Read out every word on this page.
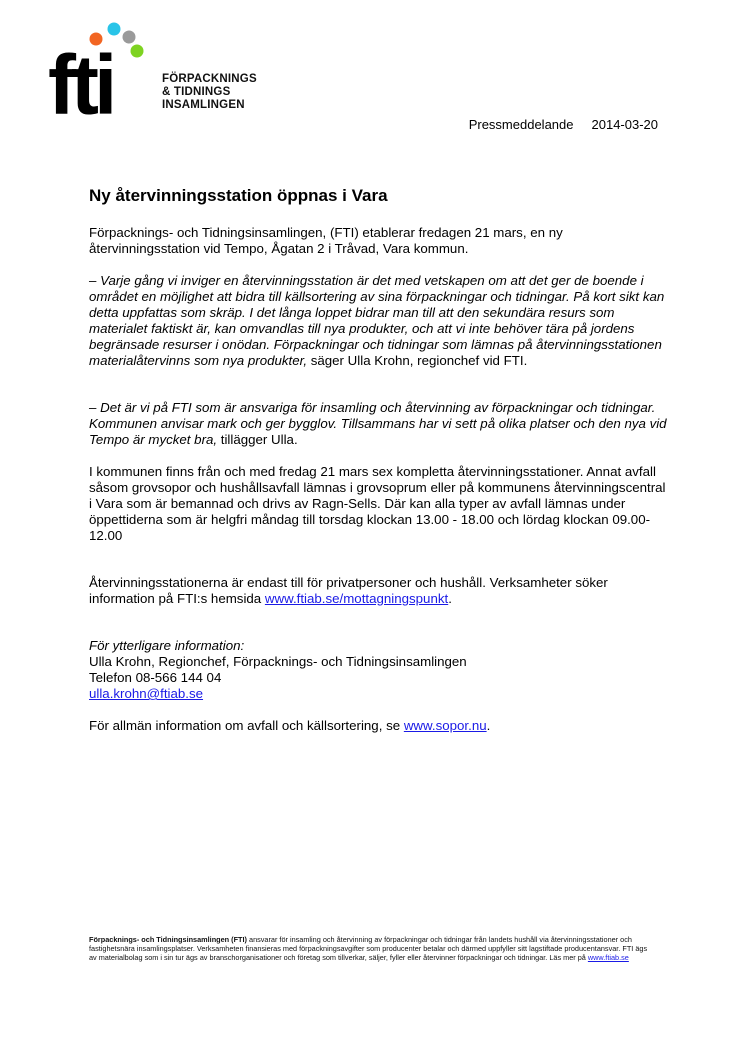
fti	FÖRPACKNINGS
& TIDNINGS
INSAMLINGEN
Pressmeddelande 2014-03-20
Ny återvinningsstation öppnas i Vara

Förpacknings- och Tidningsinsamlingen, (FTI) etablerar fredagen 21 mars, en ny återvinningsstation vid Tempo, Ågatan 2 i Tråvad, Vara kommun.

– Varje gång vi inviger en återvinningsstation är det med vetskapen om att det ger de boende i området en möjlighet att bidra till källsortering av sina förpackningar och tidningar. På kort sikt kan detta uppfattas som skräp. I det långa loppet bidrar man till att den sekundära resurs som materialet faktiskt är, kan omvandlas till nya produkter, och att vi inte behöver tära på jordens begränsade resurser i onödan. Förpackningar och tidningar som lämnas på återvinningsstationen materialåtervinns som nya produkter, säger Ulla Krohn, regionchef vid FTI.

– Det är vi på FTI som är ansvariga för insamling och återvinning av förpackningar och tidningar. Kommunen anvisar mark och ger bygglov. Tillsammans har vi sett på olika platser och den nya vid Tempo är mycket bra, tillägger Ulla.

I kommunen finns från och med fredag 21 mars sex kompletta återvinningsstationer. Annat avfall såsom grovsopor och hushållsavfall lämnas i grovsoprum eller på kommunens återvinningscentral i Vara som är bemannad och drivs av Ragn-Sells. Där kan alla typer av avfall lämnas under öppettiderna som är helgfri måndag till torsdag klockan 13.00 - 18.00 och lördag klockan 09.00-12.00

Återvinningsstationerna är endast till för privatpersoner och hushåll. Verksamheter söker information på FTI:s hemsida www.ftiab.se/mottagningspunkt.

För ytterligare information:
Ulla Krohn, Regionchef, Förpacknings- och Tidningsinsamlingen
Telefon 08-566 144 04
ulla.krohn@ftiab.se

För allmän information om avfall och källsortering, se www.sopor.nu.

Förpacknings- och Tidningsinsamlingen (FTI) ansvarar för insamling och återvinning av förpackningar och tidningar från landets hushåll via återvinningsstationer och fastighetsnära insamlingsplatser. Verksamheten finansieras med förpackningsavgifter som producenter betalar och därmed uppfyller sitt lagstiftade producentansvar. FTI ägs av materialbolag som i sin tur ägs av branschorganisationer och företag som tillverkar, säljer, fyller eller återvinner förpackningar och tidningar. Läs mer på www.ftiab.se
